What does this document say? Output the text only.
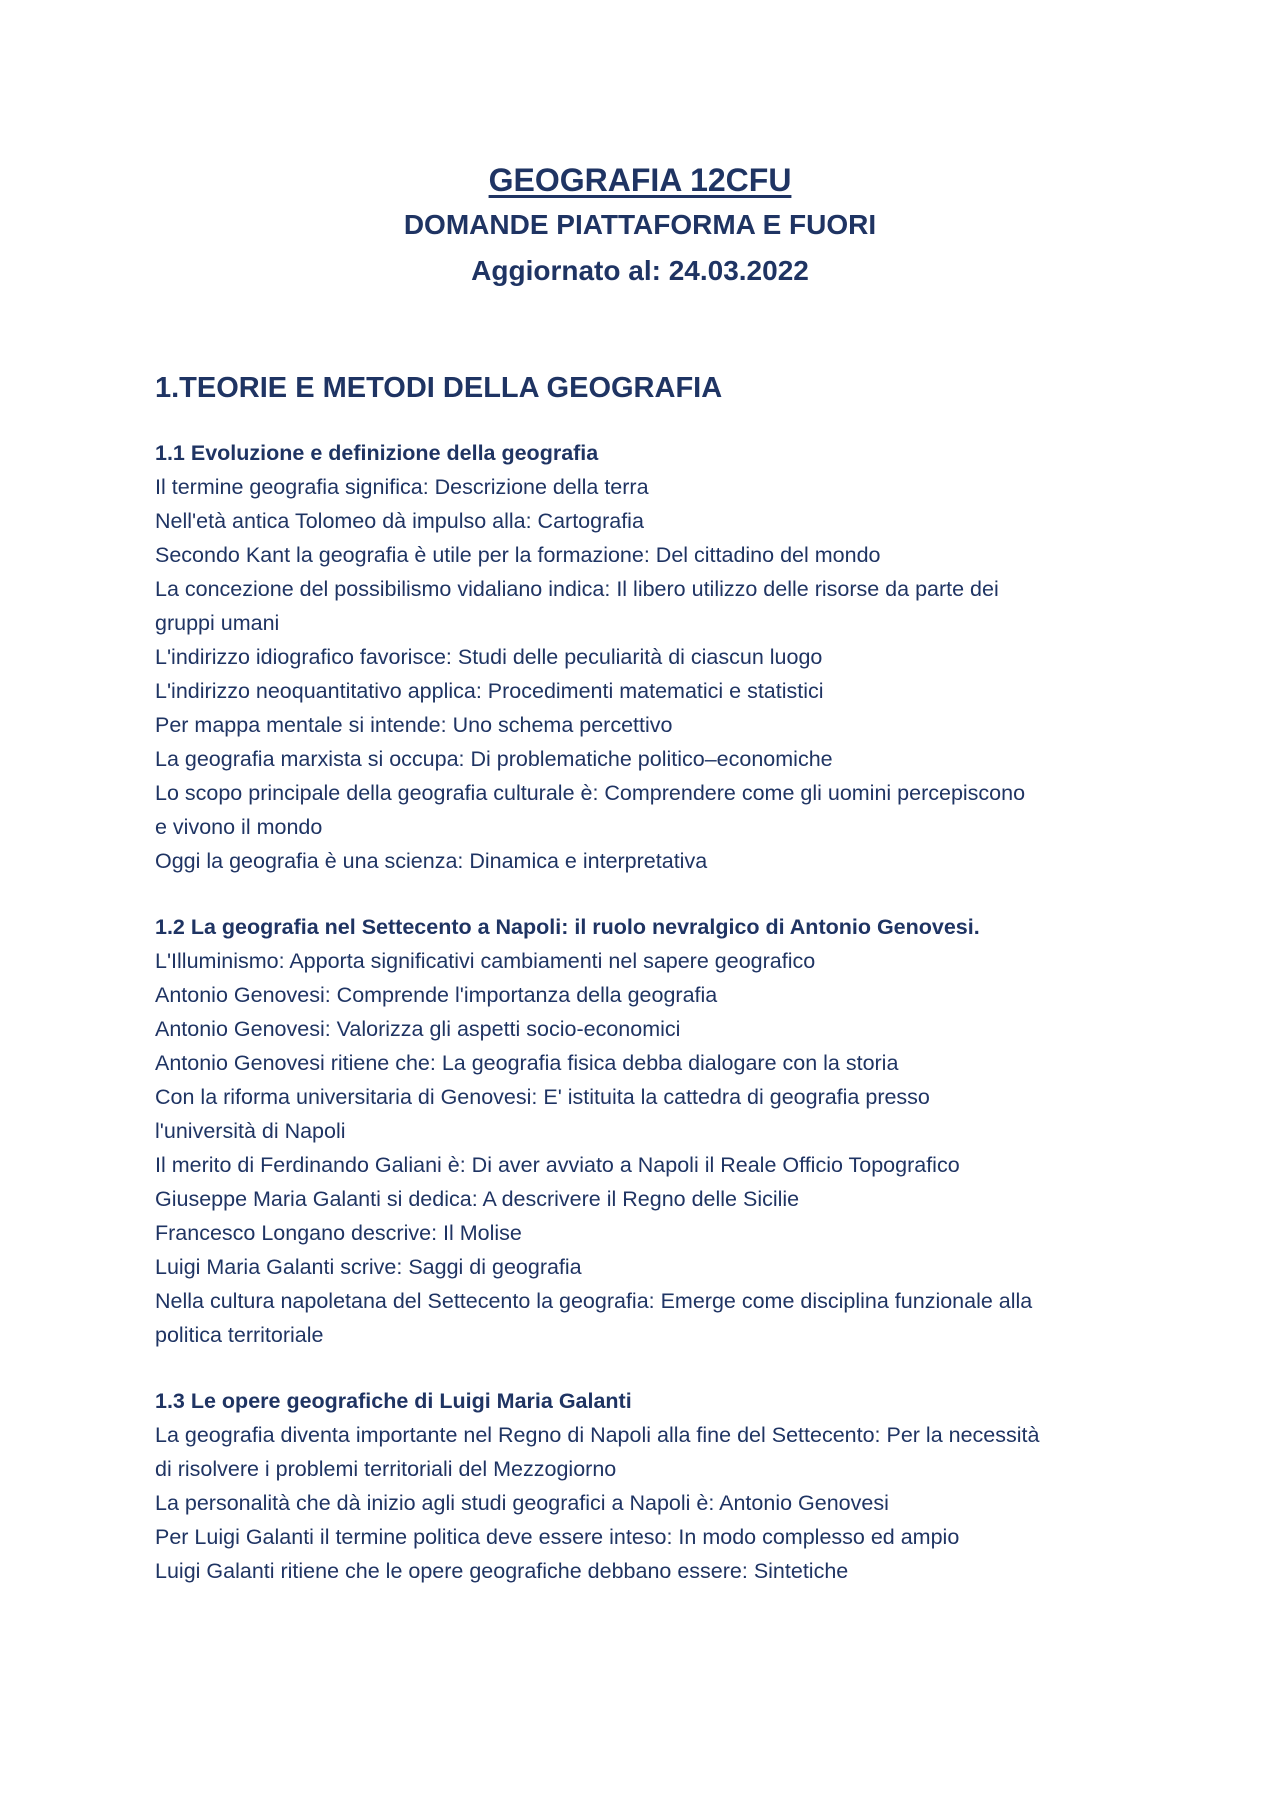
GEOGRAFIA 12CFU

DOMANDE PIATTAFORMA E FUORI

Aggiornato al: 24.03.2022

1.TEORIE E METODI DELLA GEOGRAFIA

1.1 Evoluzione e definizione della geografia

Il termine geografia significa: Descrizione della terra

Nell'età antica Tolomeo dà impulso alla: Cartografia

Secondo Kant la geografia è utile per la formazione: Del cittadino del mondo

La concezione del possibilismo vidaliano indica: Il libero utilizzo delle risorse da parte dei

gruppi umani

L'indirizzo idiografico favorisce: Studi delle peculiarità di ciascun luogo

L'indirizzo neoquantitativo applica: Procedimenti matematici e statistici

Per mappa mentale si intende: Uno schema percettivo

La geografia marxista si occupa: Di problematiche politico–economiche

Lo scopo principale della geografia culturale è: Comprendere come gli uomini percepiscono

e vivono il mondo

Oggi la geografia è una scienza: Dinamica e interpretativa

1.2 La geografia nel Settecento a Napoli: il ruolo nevralgico di Antonio Genovesi.

L'Illuminismo: Apporta significativi cambiamenti nel sapere geografico

Antonio Genovesi: Comprende l'importanza della geografia

Antonio Genovesi: Valorizza gli aspetti socio-economici

Antonio Genovesi ritiene che: La geografia fisica debba dialogare con la storia

Con la riforma universitaria di Genovesi: E' istituita la cattedra di geografia presso

l'università di Napoli

Il merito di Ferdinando Galiani è: Di aver avviato a Napoli il Reale Officio Topografico

Giuseppe Maria Galanti si dedica: A descrivere il Regno delle Sicilie

Francesco Longano descrive: Il Molise

Luigi Maria Galanti scrive: Saggi di geografia

Nella cultura napoletana del Settecento la geografia: Emerge come disciplina funzionale alla

politica territoriale

1.3 Le opere geografiche di Luigi Maria Galanti

La geografia diventa importante nel Regno di Napoli alla fine del Settecento: Per la necessità

di risolvere i problemi territoriali del Mezzogiorno

La personalità che dà inizio agli studi geografici a Napoli è: Antonio Genovesi

Per Luigi Galanti il termine politica deve essere inteso: In modo complesso ed ampio

Luigi Galanti ritiene che le opere geografiche debbano essere: Sintetiche
